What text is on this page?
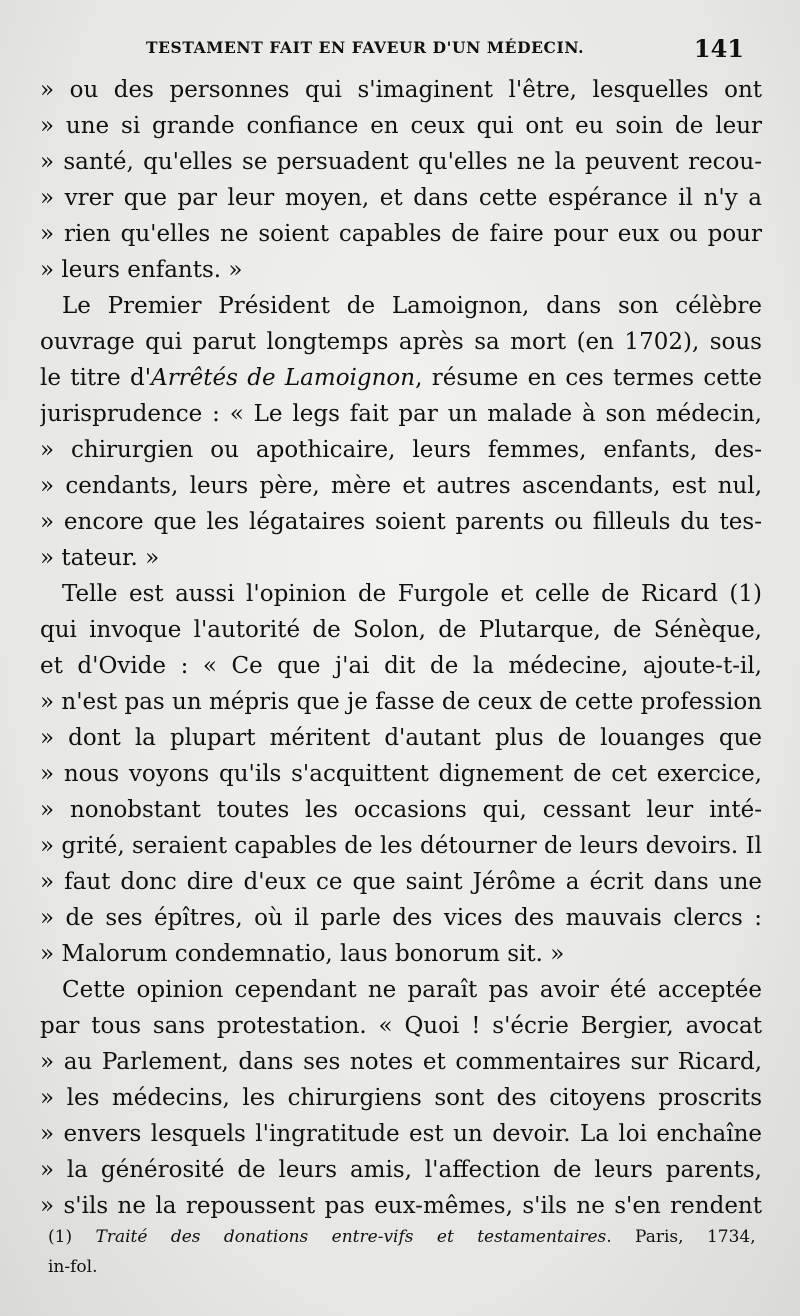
TESTAMENT FAIT EN FAVEUR D'UN MÉDECIN.	141
» ou des personnes qui s'imaginent l'être, lesquelles ont
» une si grande confiance en ceux qui ont eu soin de leur
» santé, qu'elles se persuadent qu'elles ne la peuvent recou-
» vrer que par leur moyen, et dans cette espérance il n'y a
» rien qu'elles ne soient capables de faire pour eux ou pour
» leurs enfants. »
Le Premier Président de Lamoignon, dans son célèbre
ouvrage qui parut longtemps après sa mort (en 1702), sous
le titre d'Arrêtés de Lamoignon, résume en ces termes cette
jurisprudence : « Le legs fait par un malade à son médecin,
» chirurgien ou apothicaire, leurs femmes, enfants, des-
» cendants, leurs père, mère et autres ascendants, est nul,
» encore que les légataires soient parents ou filleuls du tes-
» tateur. »
Telle est aussi l'opinion de Furgole et celle de Ricard (1)
qui invoque l'autorité de Solon, de Plutarque, de Sénèque,
et d'Ovide : « Ce que j'ai dit de la médecine, ajoute-t-il,
» n'est pas un mépris que je fasse de ceux de cette profession
» dont la plupart méritent d'autant plus de louanges que
» nous voyons qu'ils s'acquittent dignement de cet exercice,
» nonobstant toutes les occasions qui, cessant leur inté-
» grité, seraient capables de les détourner de leurs devoirs. Il
» faut donc dire d'eux ce que saint Jérôme a écrit dans une
» de ses épîtres, où il parle des vices des mauvais clercs :
» Malorum condemnatio, laus bonorum sit. »
Cette opinion cependant ne paraît pas avoir été acceptée
par tous sans protestation. « Quoi ! s'écrie Bergier, avocat
» au Parlement, dans ses notes et commentaires sur Ricard,
» les médecins, les chirurgiens sont des citoyens proscrits
» envers lesquels l'ingratitude est un devoir. La loi enchaîne
» la générosité de leurs amis, l'affection de leurs parents,
» s'ils ne la repoussent pas eux-mêmes, s'ils ne s'en rendent
(1) Traité des donations entre-vifs et testamentaires. Paris, 1734,
in-fol.
